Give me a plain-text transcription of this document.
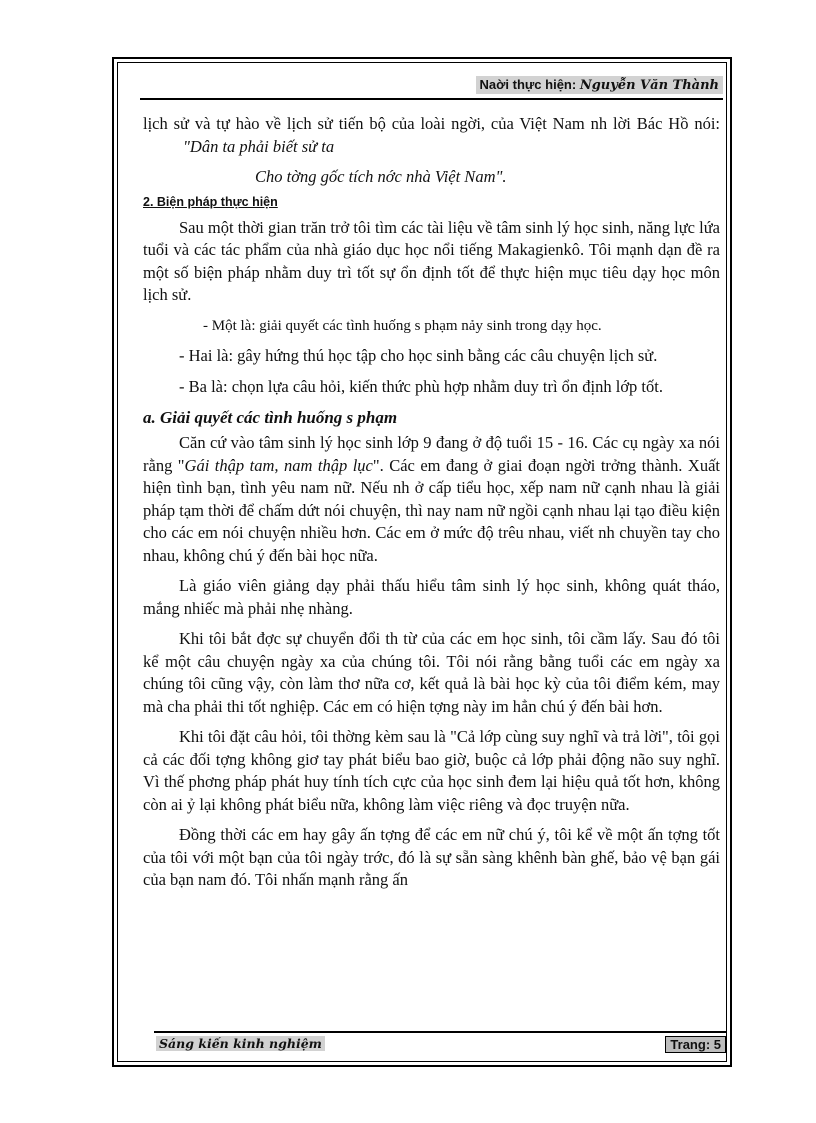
Nаời thực hiện: Nguyễn Văn Thành

lịch sử và tự hào về lịch sử tiến bộ của loài ngời, của Việt Nam nh lời Bác Hồ nói: "Dân ta phải biết sử ta

Cho tờng gốc tích nớc nhà Việt Nam".

2. Biện pháp thực hiện

Sau một thời gian trăn trở tôi tìm các tài liệu về tâm sinh lý học sinh, năng lực lứa tuổi và các tác phẩm của nhà giáo dục học nổi tiếng Makagienkô. Tôi mạnh dạn đề ra một số biện pháp nhằm duy trì tốt sự ổn định tốt để thực hiện mục tiêu dạy học môn lịch sử.

- Một là: giải quyết các tình huống s phạm nảy sinh trong dạy học.

- Hai là: gây hứng thú học tập cho học sinh bằng các câu chuyện lịch sử.

- Ba là: chọn lựa câu hỏi, kiến thức phù hợp nhằm duy trì ổn định lớp tốt.

a. Giải quyết các tình huống s phạm

Căn cứ vào tâm sinh lý học sinh lớp 9 đang ở độ tuổi 15 - 16. Các cụ ngày xa nói rằng "Gái thập tam, nam thập lục". Các em đang ở giai đoạn ngời trởng thành. Xuất hiện tình bạn, tình yêu nam nữ. Nếu nh ở cấp tiểu học, xếp nam nữ cạnh nhau là giải pháp tạm thời để chấm dứt nói chuyện, thì nay nam nữ ngồi cạnh nhau lại tạo điều kiện cho các em nói chuyện nhiều hơn. Các em ở mức độ trêu nhau, viết nh chuyền tay cho nhau, không chú ý đến bài học nữa.

Là giáo viên giảng dạy phải thấu hiểu tâm sinh lý học sinh, không quát tháo, mắng nhiếc mà phải nhẹ nhàng.

Khi tôi bắt đợc sự chuyển đổi th từ của các em học sinh, tôi cầm lấy. Sau đó tôi kể một câu chuyện ngày xa của chúng tôi. Tôi nói rằng bằng tuổi các em ngày xa chúng tôi cũng vậy, còn làm thơ nữa cơ, kết quả là bài học kỳ của tôi điểm kém, may mà cha phải thi tốt nghiệp. Các em có hiện tợng này im hẳn chú ý đến bài hơn.

Khi tôi đặt câu hỏi, tôi thờng kèm sau là "Cả lớp cùng suy nghĩ và trả lời", tôi gọi cả các đối tợng không giơ tay phát biểu bao giờ, buộc cả lớp phải động não suy nghĩ. Vì thế phơng pháp phát huy tính tích cực của học sinh đem lại hiệu quả tốt hơn, không còn ai ỷ lại không phát biểu nữa, không làm việc riêng và đọc truyện nữa.

Đồng thời các em hay gây ấn tợng để các em nữ chú ý, tôi kể về một ấn tợng tốt của tôi với một bạn của tôi ngày trớc, đó là sự sẵn sàng khênh bàn ghế, bảo vệ bạn gái của bạn nam đó. Tôi nhấn mạnh rằng ấn

Sáng kiến kinh nghiệm	Trang: 5
